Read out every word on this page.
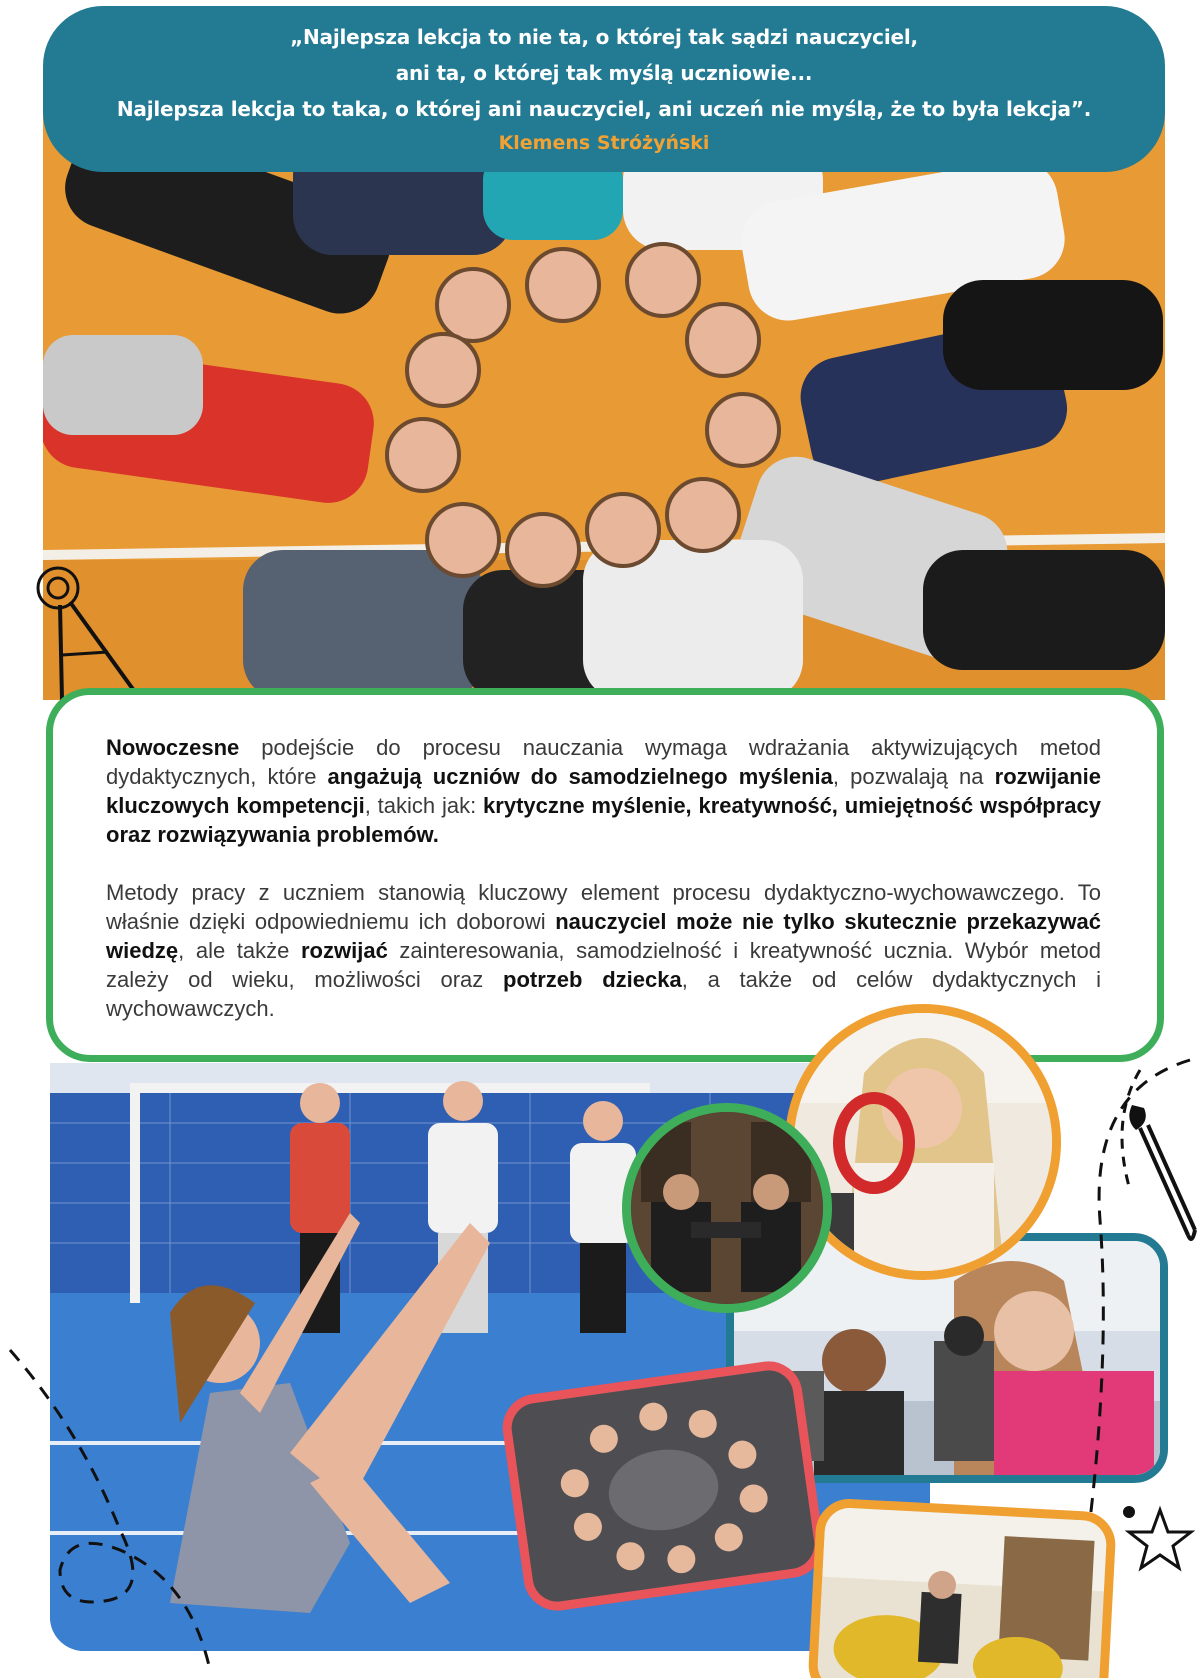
„Najlepsza lekcja to nie ta, o której tak sądzi nauczyciel,
ani ta, o której tak myślą uczniowie...
Najlepsza lekcja to taka, o której ani nauczyciel, ani uczeń nie myślą, że to była lekcja”.
Klemens Stróżyński

Nowoczesne podejście do procesu nauczania wymaga wdrażania aktywizujących metod dydaktycznych, które angażują uczniów do samodzielnego myślenia, pozwalają na rozwijanie kluczowych kompetencji, takich jak: krytyczne myślenie, kreatywność, umiejętność współpracy oraz rozwiązywania problemów.

Metody pracy z uczniem stanowią kluczowy element procesu dydaktyczno-wychowawczego. To właśnie dzięki odpowiedniemu ich doborowi nauczyciel może nie tylko skutecznie przekazywać wiedzę, ale także rozwijać zainteresowania, samodzielność i kreatywność ucznia. Wybór metod zależy od wieku, możliwości oraz potrzeb dziecka, a także od celów dydaktycznych i wychowawczych.
